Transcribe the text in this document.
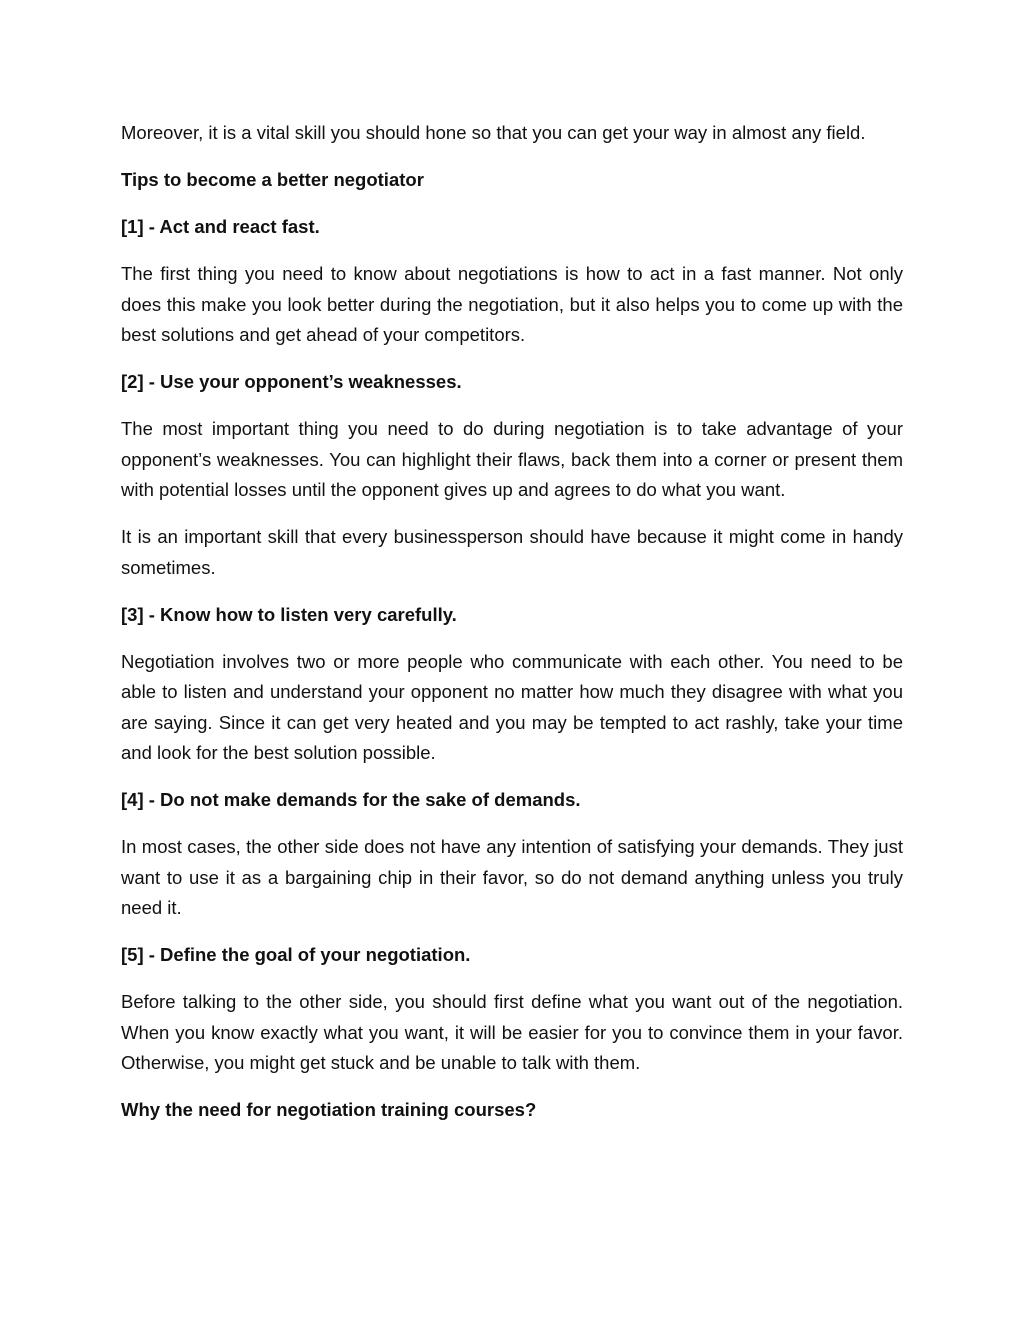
Moreover, it is a vital skill you should hone so that you can get your way in almost any field.

Tips to become a better negotiator

[1] - Act and react fast.

The first thing you need to know about negotiations is how to act in a fast manner. Not only does this make you look better during the negotiation, but it also helps you to come up with the best solutions and get ahead of your competitors.

[2] - Use your opponent’s weaknesses.

The most important thing you need to do during negotiation is to take advantage of your opponent’s weaknesses. You can highlight their flaws, back them into a corner or present them with potential losses until the opponent gives up and agrees to do what you want.

It is an important skill that every businessperson should have because it might come in handy sometimes.

[3] - Know how to listen very carefully.

Negotiation involves two or more people who communicate with each other. You need to be able to listen and understand your opponent no matter how much they disagree with what you are saying. Since it can get very heated and you may be tempted to act rashly, take your time and look for the best solution possible.

[4] - Do not make demands for the sake of demands.

In most cases, the other side does not have any intention of satisfying your demands. They just want to use it as a bargaining chip in their favor, so do not demand anything unless you truly need it.

[5] - Define the goal of your negotiation.

Before talking to the other side, you should first define what you want out of the negotiation. When you know exactly what you want, it will be easier for you to convince them in your favor. Otherwise, you might get stuck and be unable to talk with them.

Why the need for negotiation training courses?
